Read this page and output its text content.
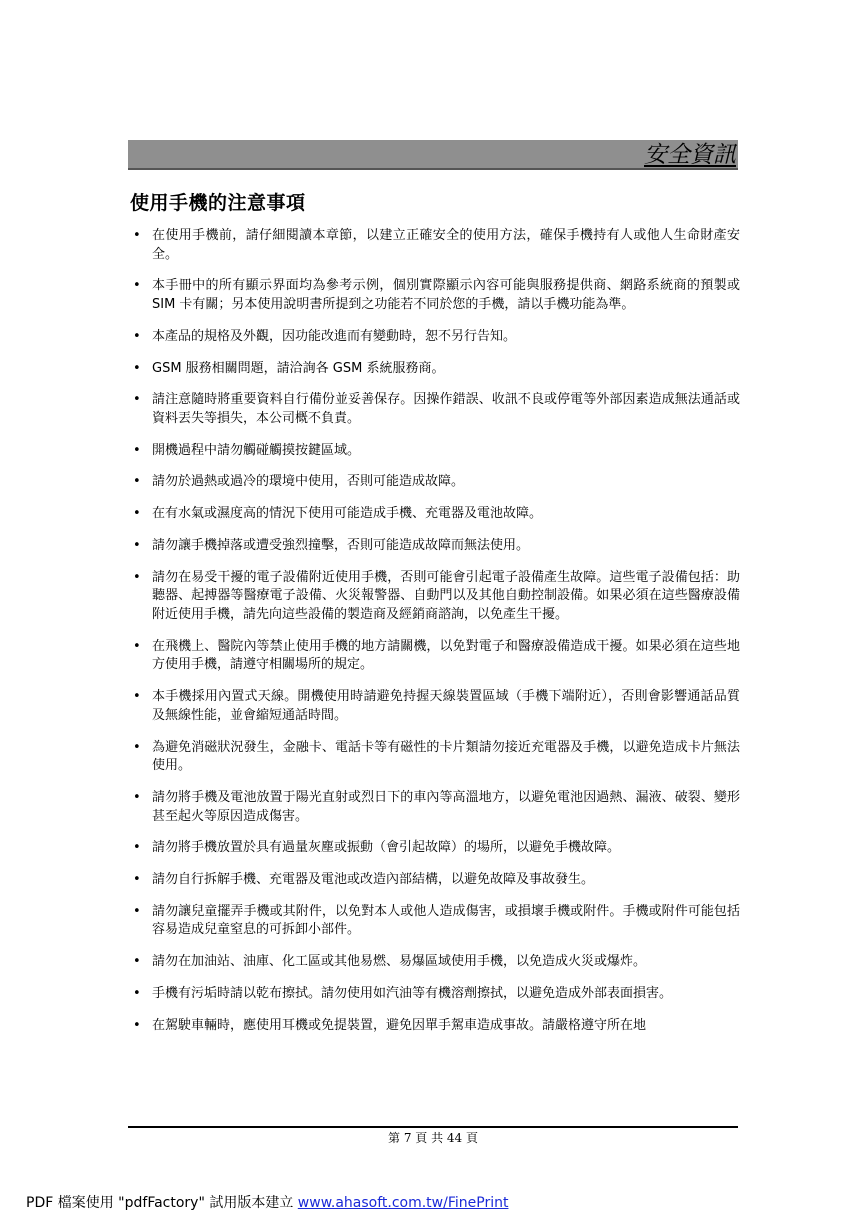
安全資訊
使用手機的注意事項
• 在使用手機前，請仔細閱讀本章節，以建立正確安全的使用方法，確保手機持有人或他人生命財產安全。
• 本手冊中的所有顯示界面均為參考示例，個別實際顯示內容可能與服務提供商、網路系統商的預製或 SIM 卡有關；另本使用說明書所提到之功能若不同於您的手機，請以手機功能為準。
• 本產品的規格及外觀，因功能改進而有變動時，恕不另行告知。
• GSM 服務相關問題，請洽詢各 GSM 系統服務商。
• 請注意隨時將重要資料自行備份並妥善保存。因操作錯誤、收訊不良或停電等外部因素造成無法通話或資料丟失等損失，本公司概不負責。
• 開機過程中請勿觸碰觸摸按鍵區域。
• 請勿於過熱或過冷的環境中使用，否則可能造成故障。
• 在有水氣或濕度高的情況下使用可能造成手機、充電器及電池故障。
• 請勿讓手機掉落或遭受強烈撞擊，否則可能造成故障而無法使用。
• 請勿在易受干擾的電子設備附近使用手機，否則可能會引起電子設備產生故障。這些電子設備包括：助聽器、起搏器等醫療電子設備、火災報警器、自動門以及其他自動控制設備。如果必須在這些醫療設備附近使用手機，請先向這些設備的製造商及經銷商諮詢，以免產生干擾。
• 在飛機上、醫院內等禁止使用手機的地方請關機，以免對電子和醫療設備造成干擾。如果必須在這些地方使用手機，請遵守相關場所的規定。
• 本手機採用內置式天線。開機使用時請避免持握天線裝置區域（手機下端附近），否則會影響通話品質及無線性能，並會縮短通話時間。
• 為避免消磁狀況發生，金融卡、電話卡等有磁性的卡片類請勿接近充電器及手機，以避免造成卡片無法使用。
• 請勿將手機及電池放置于陽光直射或烈日下的車內等高溫地方，以避免電池因過熱、漏液、破裂、變形甚至起火等原因造成傷害。
• 請勿將手機放置於具有過量灰塵或振動（會引起故障）的場所，以避免手機故障。
• 請勿自行拆解手機、充電器及電池或改造內部結構，以避免故障及事故發生。
• 請勿讓兒童擺弄手機或其附件，以免對本人或他人造成傷害，或損壞手機或附件。手機或附件可能包括容易造成兒童窒息的可拆卸小部件。
• 請勿在加油站、油庫、化工區或其他易燃、易爆區域使用手機，以免造成火災或爆炸。
• 手機有污垢時請以乾布擦拭。請勿使用如汽油等有機溶劑擦拭，以避免造成外部表面損害。
• 在駕駛車輛時，應使用耳機或免提裝置，避免因單手駕車造成事故。請嚴格遵守所在地
第 7 頁 共 44 頁
PDF 檔案使用 "pdfFactory" 試用版本建立 www.ahasoft.com.tw/FinePrint
